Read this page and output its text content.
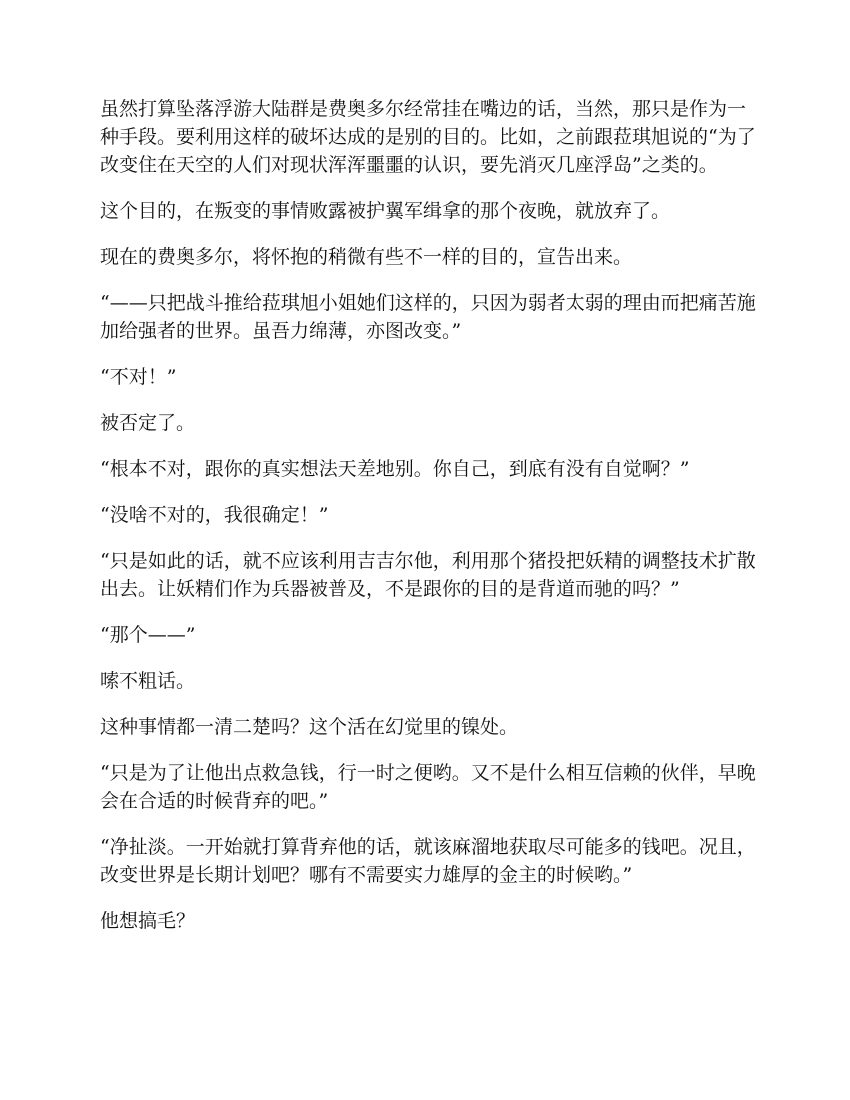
虽然打算坠落浮游大陆群是费奥多尔经常挂在嘴边的话，当然，那只是作为一种手段。要利用这样的破坏达成的是别的目的。比如，之前跟菈琪旭说的“为了改变住在天空的人们对现状浑浑噩噩的认识，要先消灭几座浮岛”之类的。

这个目的，在叛变的事情败露被护翼军缉拿的那个夜晚，就放弃了。

现在的费奥多尔，将怀抱的稍微有些不一样的目的，宣告出来。

“——只把战斗推给菈琪旭小姐她们这样的，只因为弱者太弱的理由而把痛苦施加给强者的世界。虽吾力绵薄，亦图改变。”

“不对！”

被否定了。

“根本不对，跟你的真实想法天差地别。你自己，到底有没有自觉啊？”

“没啥不对的，我很确定！”

“只是如此的话，就不应该利用吉吉尔他，利用那个猪投把妖精的调整技术扩散出去。让妖精们作为兵器被普及，不是跟你的目的是背道而驰的吗？”

“那个——”

嗦不粗话。

这种事情都一清二楚吗？这个活在幻觉里的镍处。

“只是为了让他出点救急钱，行一时之便哟。又不是什么相互信赖的伙伴，早晚会在合适的时候背弃的吧。”

“净扯淡。一开始就打算背弃他的话，就该麻溜地获取尽可能多的钱吧。况且，改变世界是长期计划吧？哪有不需要实力雄厚的金主的时候哟。”

他想搞毛？
